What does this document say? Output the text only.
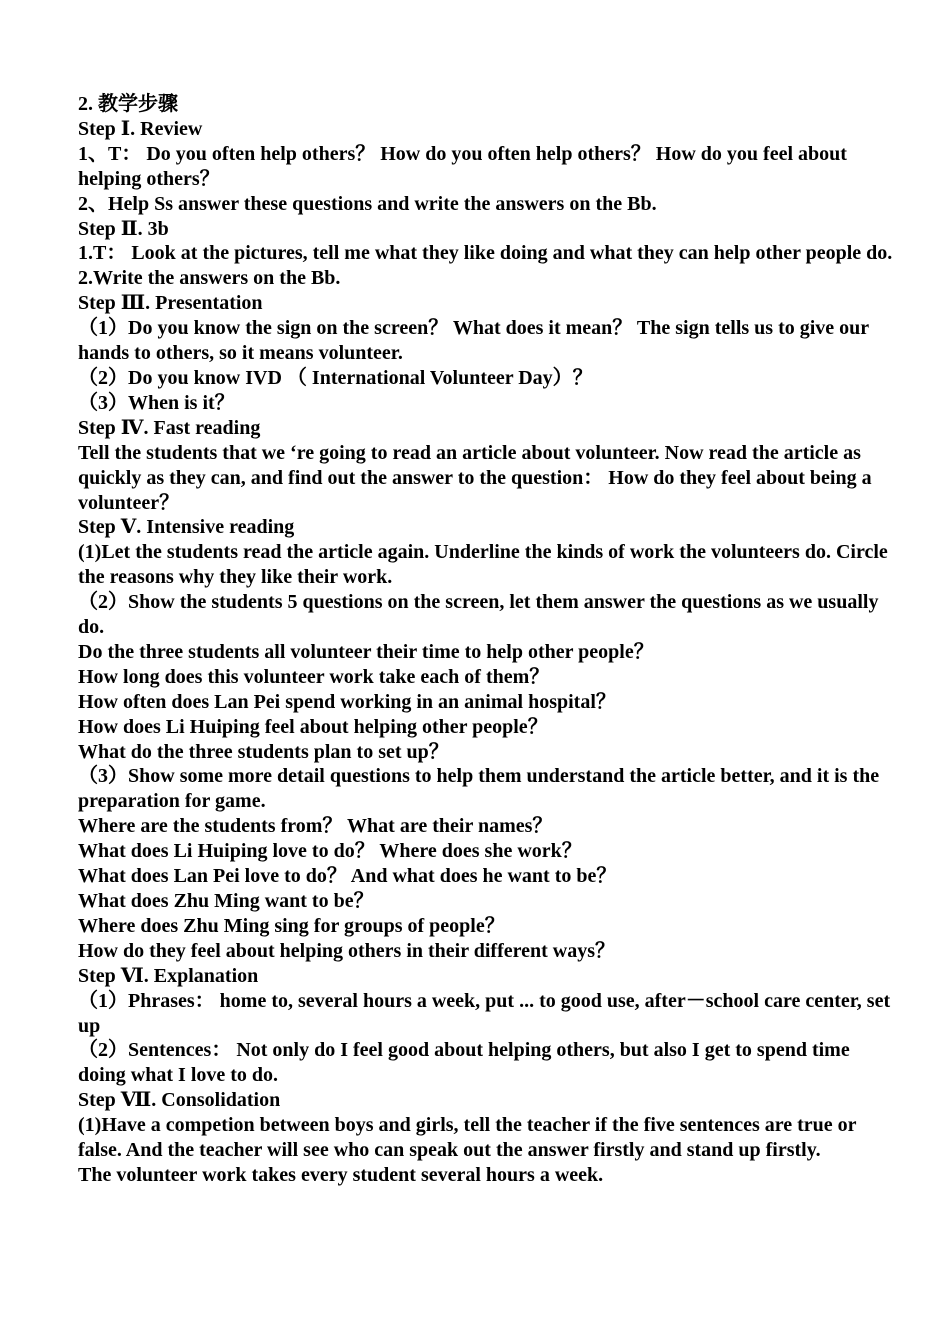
2. 教学步骤
Step Ⅰ. Review
1、T： Do you often help others？ How do you often help others？ How do you feel about helping others？
2、Help Ss answer these questions and write the answers on the Bb.
Step Ⅱ. 3b
1.T： Look at the pictures, tell me what they like doing and what they can help other people do.
2.Write the answers on the Bb.
Step Ⅲ. Presentation
（1）Do you know the sign on the screen？ What does it mean？ The sign tells us to give our hands to others, so it means volunteer.
（2）Do you know IVD （ International Volunteer Day）？
（3）When is it？
Step Ⅳ. Fast reading
Tell the students that we ‘re going to read an article about volunteer. Now read the article as quickly as they can, and find out the answer to the question： How do they feel about being a volunteer？
Step Ⅴ. Intensive reading
(1)Let the students read the article again. Underline the kinds of work the volunteers do. Circle the reasons why they like their work.
（2）Show the students 5 questions on the screen, let them answer the questions as we usually do.
Do the three students all volunteer their time to help other people？
How long does this volunteer work take each of them？
How often does Lan Pei spend working in an animal hospital？
How does Li Huiping feel about helping other people？
What do the three students plan to set up？
（3）Show some more detail questions to help them understand the article better, and it is the preparation for game.
Where are the students from？ What are their names？
What does Li Huiping love to do？ Where does she work？
What does Lan Pei love to do？ And what does he want to be？
What does Zhu Ming want to be？
Where does Zhu Ming sing for groups of people？
How do they feel about helping others in their different ways？
Step Ⅵ. Explanation
（1）Phrases： home to, several hours a week, put ... to good use, after－school care center, set up
（2）Sentences： Not only do I feel good about helping others, but also I get to spend time doing what I love to do.
Step Ⅶ. Consolidation
(1)Have a competion between boys and girls, tell the teacher if the five sentences are true or false. And the teacher will see who can speak out the answer firstly and stand up firstly.
The volunteer work takes every student several hours a week.
